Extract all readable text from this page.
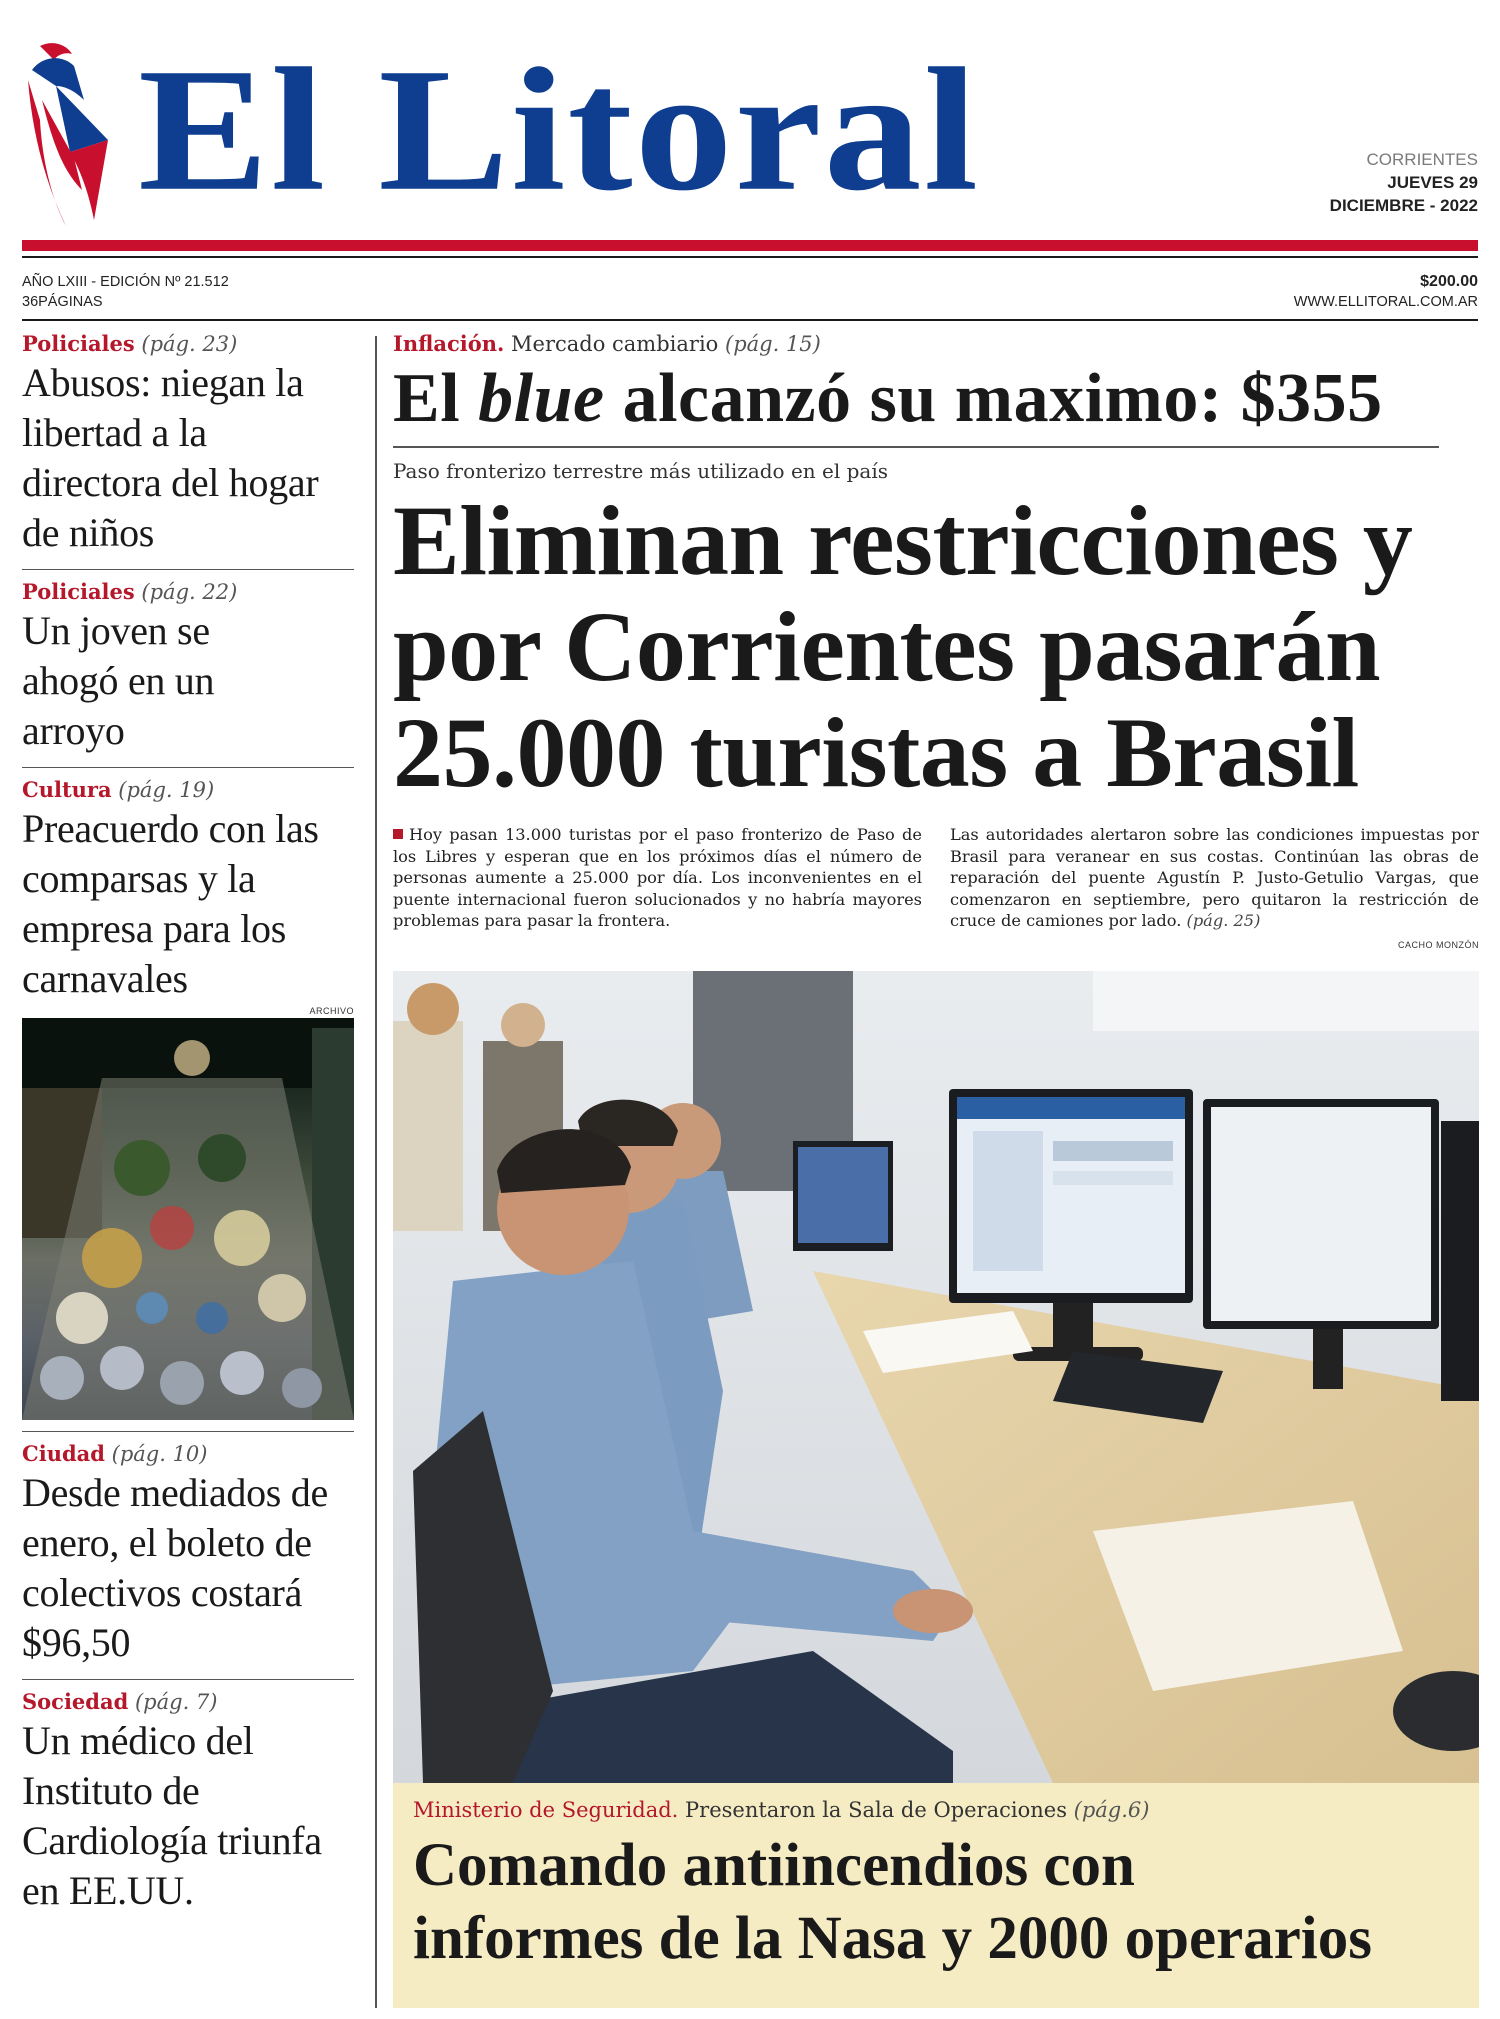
El Litoral	CORRIENTES
JUEVES 29
DICIEMBRE - 2022
AÑO LXIII - EDICIÓN Nº 21.512
36PÁGINAS
$200.00
WWW.ELLITORAL.COM.AR
Policiales (pág. 23)
Abusos: niegan la libertad a la directora del hogar de niños
Policiales (pág. 22)
Un joven se ahogó en un arroyo
Cultura (pág. 19)
Preacuerdo con las comparsas y la empresa para los carnavales
ARCHIVO
Ciudad (pág. 10)
Desde mediados de enero, el boleto de colectivos costará $96,50
Sociedad (pág. 7)
Un médico del Instituto de Cardiología triunfa en EE.UU.
Inflación. Mercado cambiario (pág. 15)
El blue alcanzó su maximo: $355
Paso fronterizo terrestre más utilizado en el país
Eliminan restricciones y por Corrientes pasarán 25.000 turistas a Brasil

Hoy pasan 13.000 turistas por el paso fronterizo de Paso de los Libres y esperan que en los próximos días el número de personas aumente a 25.000 por día. Los inconvenientes en el puente internacional fueron solucionados y no habría mayores problemas para pasar la frontera.

Las autoridades alertaron sobre las condiciones impuestas por Brasil para veranear en sus costas. Continúan las obras de reparación del puente Agustín P. Justo-Getulio Vargas, que comenzaron en septiembre, pero quitaron la restricción de cruce de camiones por lado. (pág. 25)

CACHO MONZÓN
Ministerio de Seguridad. Presentaron la Sala de Operaciones (pág.6)
Comando antiincendios con
informes de la Nasa y 2000 operarios
